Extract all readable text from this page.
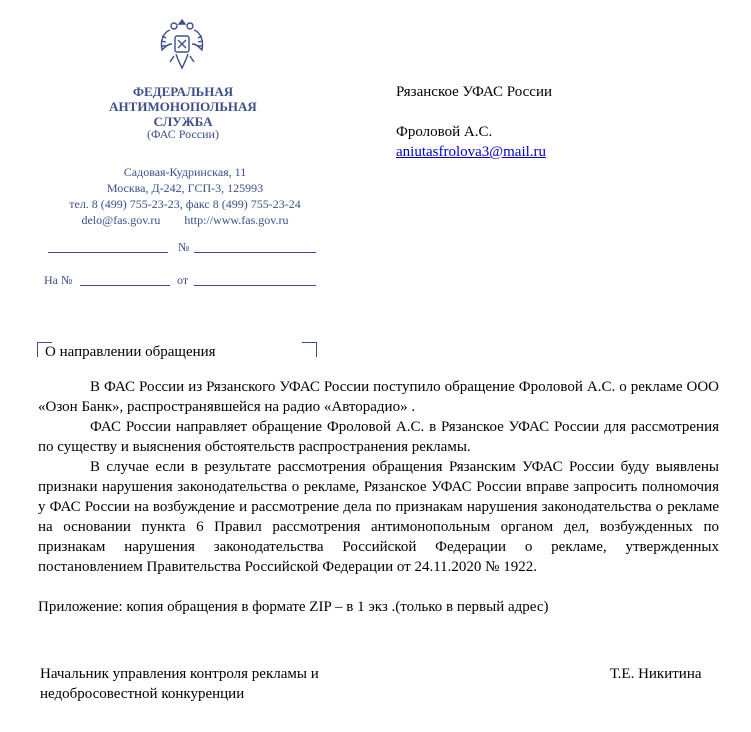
ФЕДЕРАЛЬНАЯ
АНТИМОНОПОЛЬНАЯ
СЛУЖБА
(ФАС России)
Садовая-Кудринская, 11
Москва, Д-242, ГСП-3, 125993
тел. 8 (499) 755-23-23, факс 8 (499) 755-23-24
delo@fas.gov.ru http://www.fas.gov.ru
№
На №	от
Рязанское УФАС России
Фроловой А.С.
aniutasfrolova3@mail.ru
О направлении обращения

В ФАС России из Рязанского УФАС России поступило обращение Фроловой А.С. о рекламе ООО «Озон Банк», распространявшейся на радио «Авторадио» .

ФАС России направляет обращение Фроловой А.С. в Рязанское УФАС России для рассмотрения по существу и выяснения обстоятельств распространения рекламы.

В случае если в результате рассмотрения обращения Рязанским УФАС России буду выявлены признаки нарушения законодательства о рекламе, Рязанское УФАС России вправе запросить полномочия у ФАС России на возбуждение и рассмотрение дела по признакам нарушения законодательства о рекламе на основании пункта 6 Правил рассмотрения антимонопольным органом дел, возбужденных по признакам нарушения законодательства Российской Федерации о рекламе, утвержденных постановлением Правительства Российской Федерации от 24.11.2020 № 1922.

Приложение: копия обращения в формате ZIP – в 1 экз .(только в первый адрес)

Начальник управления контроля рекламы и
недобросовестной конкуренции
Т.Е. Никитина
